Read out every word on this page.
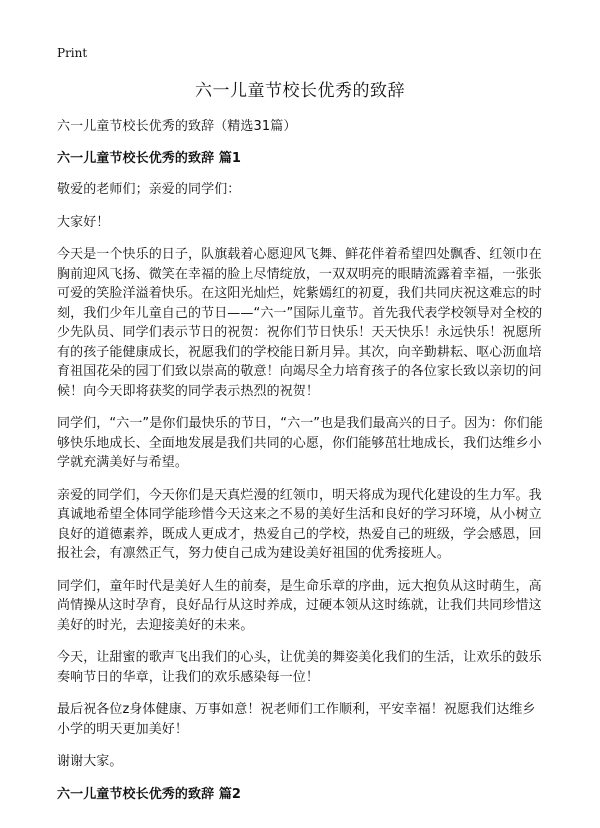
Print
六一儿童节校长优秀的致辞

六一儿童节校长优秀的致辞（精选31篇）

六一儿童节校长优秀的致辞 篇1

敬爱的老师们；亲爱的同学们：

大家好！

今天是一个快乐的日子，队旗载着心愿迎风飞舞、鲜花伴着希望四处飘香、红领巾在胸前迎风飞扬、微笑在幸福的脸上尽情绽放，一双双明亮的眼睛流露着幸福，一张张可爱的笑脸洋溢着快乐。在这阳光灿烂，姹紫嫣红的初夏，我们共同庆祝这难忘的时刻，我们少年儿童自己的节日——“六一”国际儿童节。首先我代表学校领导对全校的少先队员、同学们表示节日的祝贺：祝你们节日快乐！天天快乐！永远快乐！祝愿所有的孩子能健康成长，祝愿我们的学校能日新月异。其次，向辛勤耕耘、呕心沥血培育祖国花朵的园丁们致以崇高的敬意！向竭尽全力培育孩子的各位家长致以亲切的问候！向今天即将获奖的同学表示热烈的祝贺！

同学们，“六一”是你们最快乐的节日，“六一”也是我们最高兴的日子。因为：你们能够快乐地成长、全面地发展是我们共同的心愿，你们能够茁壮地成长，我们达维乡小学就充满美好与希望。

亲爱的同学们，今天你们是天真烂漫的红领巾，明天将成为现代化建设的生力军。我真诚地希望全体同学能珍惜今天这来之不易的美好生活和良好的学习环境，从小树立良好的道德素养，既成人更成才，热爱自己的学校，热爱自己的班级，学会感恩，回报社会，有凛然正气，努力使自己成为建设美好祖国的优秀接班人。

同学们，童年时代是美好人生的前奏，是生命乐章的序曲，远大抱负从这时萌生，高尚情操从这时孕育，良好品行从这时养成，过硬本领从这时练就，让我们共同珍惜这美好的时光，去迎接美好的未来。

今天，让甜蜜的歌声飞出我们的心头，让优美的舞姿美化我们的生活，让欢乐的鼓乐奏响节日的华章，让我们的欢乐感染每一位！

最后祝各位z身体健康、万事如意！祝老师们工作顺利，平安幸福！祝愿我们达维乡小学的明天更加美好！

谢谢大家。

六一儿童节校长优秀的致辞 篇2
